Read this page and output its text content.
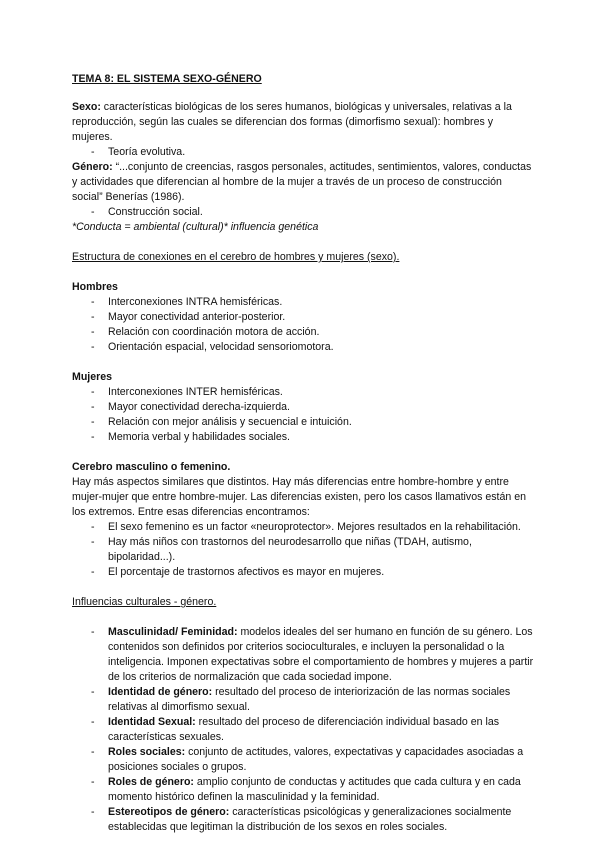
TEMA 8: EL SISTEMA SEXO-GÉNERO

Sexo: características biológicas de los seres humanos, biológicas y universales, relativas a la reproducción, según las cuales se diferencian dos formas (dimorfismo sexual): hombres y mujeres.

- Teoría evolutiva.

Género: “...conjunto de creencias, rasgos personales, actitudes, sentimientos, valores, conductas y actividades que diferencian al hombre de la mujer a través de un proceso de construcción social” Benerías (1986).

- Construcción social.

*Conducta = ambiental (cultural)* influencia genética

Estructura de conexiones en el cerebro de hombres y mujeres (sexo).

Hombres

- Interconexiones INTRA hemisféricas.
- Mayor conectividad anterior-posterior.
- Relación con coordinación motora de acción.
- Orientación espacial, velocidad sensoriomotora.

Mujeres

- Interconexiones INTER hemisféricas.
- Mayor conectividad derecha-izquierda.
- Relación con mejor análisis y secuencial e intuición.
- Memoria verbal y habilidades sociales.

Cerebro masculino o femenino.

Hay más aspectos similares que distintos. Hay más diferencias entre hombre-hombre y entre mujer-mujer que entre hombre-mujer. Las diferencias existen, pero los casos llamativos están en los extremos. Entre esas diferencias encontramos:

- El sexo femenino es un factor «neuroprotector». Mejores resultados en la rehabilitación.
- Hay más niños con trastornos del neurodesarrollo que niñas (TDAH, autismo, bipolaridad...).
- El porcentaje de trastornos afectivos es mayor en mujeres.

Influencias culturales - género.

- Masculinidad/ Feminidad: modelos ideales del ser humano en función de su género. Los contenidos son definidos por criterios socioculturales, e incluyen la personalidad o la inteligencia. Imponen expectativas sobre el comportamiento de hombres y mujeres a partir de los criterios de normalización que cada sociedad impone.
- Identidad de género: resultado del proceso de interiorización de las normas sociales relativas al dimorfismo sexual.
- Identidad Sexual: resultado del proceso de diferenciación individual basado en las características sexuales.
- Roles sociales: conjunto de actitudes, valores, expectativas y capacidades asociadas a posiciones sociales o grupos.
- Roles de género: amplio conjunto de conductas y actitudes que cada cultura y en cada momento histórico definen la masculinidad y la feminidad.
- Estereotipos de género: características psicológicas y generalizaciones socialmente establecidas que legitiman la distribución de los sexos en roles sociales.
